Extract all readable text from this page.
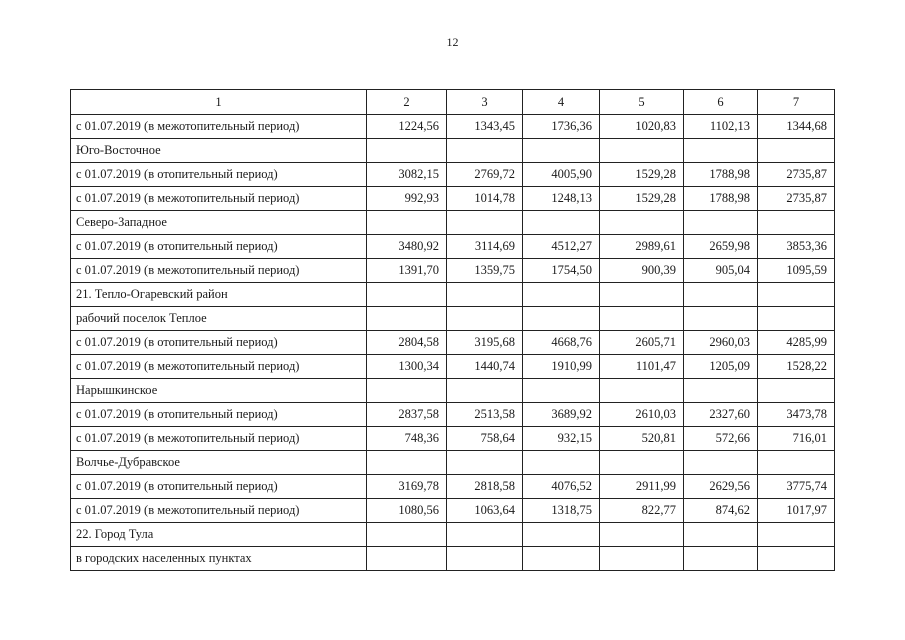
12
1	2	3	4	5	6	7
с 01.07.2019 (в межотопительный период)	1224,56	1343,45	1736,36	1020,83	1102,13	1344,68
Юго-Восточное						
с 01.07.2019 (в отопительный период)	3082,15	2769,72	4005,90	1529,28	1788,98	2735,87
с 01.07.2019 (в межотопительный период)	992,93	1014,78	1248,13	1529,28	1788,98	2735,87
Северо-Западное						
с 01.07.2019 (в отопительный период)	3480,92	3114,69	4512,27	2989,61	2659,98	3853,36
с 01.07.2019 (в межотопительный период)	1391,70	1359,75	1754,50	900,39	905,04	1095,59
21. Тепло-Огаревский район						
рабочий поселок Теплое						
с 01.07.2019 (в отопительный период)	2804,58	3195,68	4668,76	2605,71	2960,03	4285,99
с 01.07.2019 (в межотопительный период)	1300,34	1440,74	1910,99	1101,47	1205,09	1528,22
Нарышкинское						
с 01.07.2019 (в отопительный период)	2837,58	2513,58	3689,92	2610,03	2327,60	3473,78
с 01.07.2019 (в межотопительный период)	748,36	758,64	932,15	520,81	572,66	716,01
Волчье-Дубравское						
с 01.07.2019 (в отопительный период)	3169,78	2818,58	4076,52	2911,99	2629,56	3775,74
с 01.07.2019 (в межотопительный период)	1080,56	1063,64	1318,75	822,77	874,62	1017,97
22. Город Тула						
в городских населенных пунктах						
